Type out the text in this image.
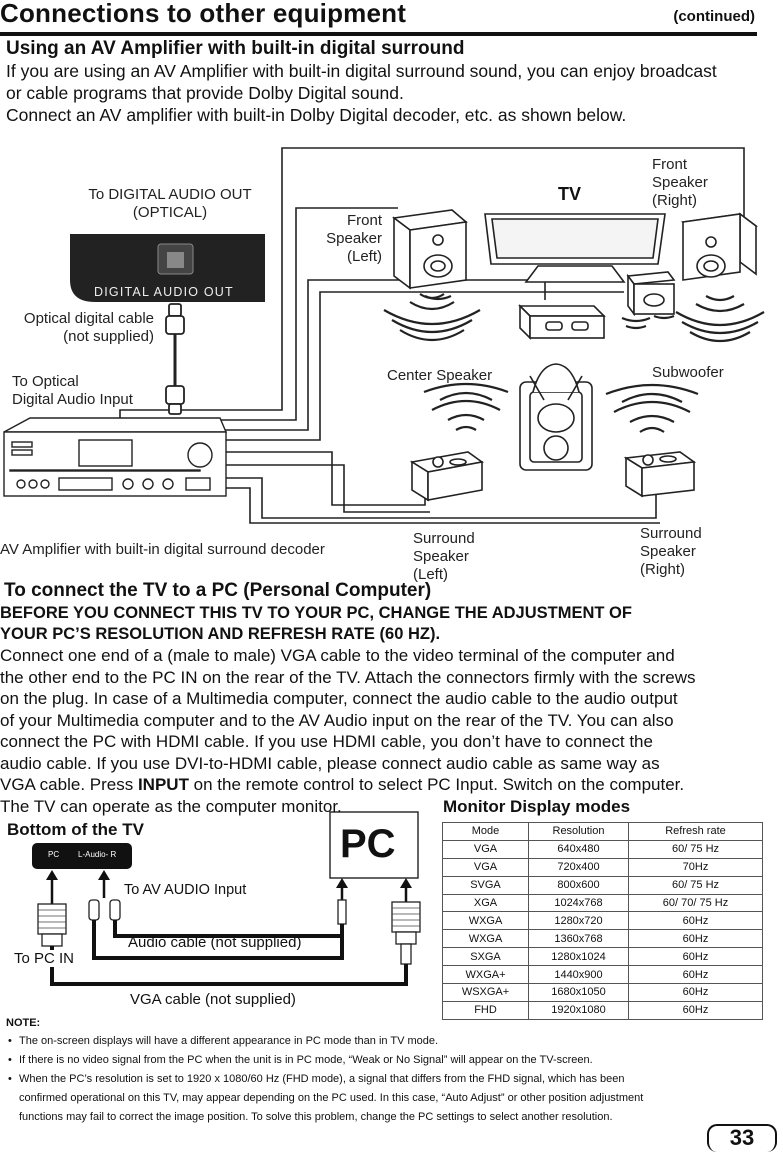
Connections to other equipment	(continued)
Using an AV Amplifier with built-in digital surround
If you are using an AV Amplifier with built-in digital surround sound, you can enjoy broadcast
or cable programs that provide Dolby Digital sound.
Connect an AV amplifier with built-in Dolby Digital decoder, etc. as shown below.
To DIGITAL AUDIO OUT
(OPTICAL)
DIGITAL AUDIO OUT
Optical digital cable
(not supplied)
To Optical
Digital Audio Input
AV Amplifier with built-in digital surround decoder
TV
Front
Speaker
(Left)
Front
Speaker
(Right)
Center Speaker	Subwoofer
Surround
Speaker
(Left)
Surround
Speaker
(Right)
To connect the TV to a PC (Personal Computer)
BEFORE YOU CONNECT THIS TV TO YOUR PC, CHANGE THE ADJUSTMENT OF
YOUR PC’S RESOLUTION AND REFRESH RATE (60 HZ).
Connect one end of a (male to male) VGA cable to the video terminal of the computer and
the other end to the PC IN on the rear of the TV. Attach the connectors firmly with the screws
on the plug. In case of a Multimedia computer, connect the audio cable to the audio output
of your Multimedia computer and to the AV Audio input on the rear of the TV. You can also
connect the PC with HDMI cable. If you use HDMI cable, you don’t have to connect the
audio cable. If you use DVI-to-HDMI cable, please connect audio cable as same way as
VGA cable. Press INPUT on the remote control to select PC Input. Switch on the computer.
The TV can operate as the computer monitor.
Bottom of the TV
PC L-Audio- R	PC
To AV AUDIO Input
Audio cable (not supplied)
To PC IN
VGA cable (not supplied)
Monitor Display modes
Mode	Resolution	Refresh rate
VGA	640x480	60/ 75 Hz
VGA	720x400	70Hz
SVGA	800x600	60/ 75 Hz
XGA	1024x768	60/ 70/ 75 Hz
WXGA	1280x720	60Hz
WXGA	1360x768	60Hz
SXGA	1280x1024	60Hz
WXGA+	1440x900	60Hz
WSXGA+	1680x1050	60Hz
FHD	1920x1080	60Hz
NOTE:
• The on-screen displays will have a different appearance in PC mode than in TV mode.
• If there is no video signal from the PC when the unit is in PC mode, “Weak or No Signal” will appear on the TV-screen.
• When the PC’s resolution is set to 1920 x 1080/60 Hz (FHD mode), a signal that differs from the FHD signal, which has been
confirmed operational on this TV, may appear depending on the PC used. In this case, “Auto Adjust” or other position adjustment
functions may fail to correct the image position. To solve this problem, change the PC settings to select another resolution.
33
